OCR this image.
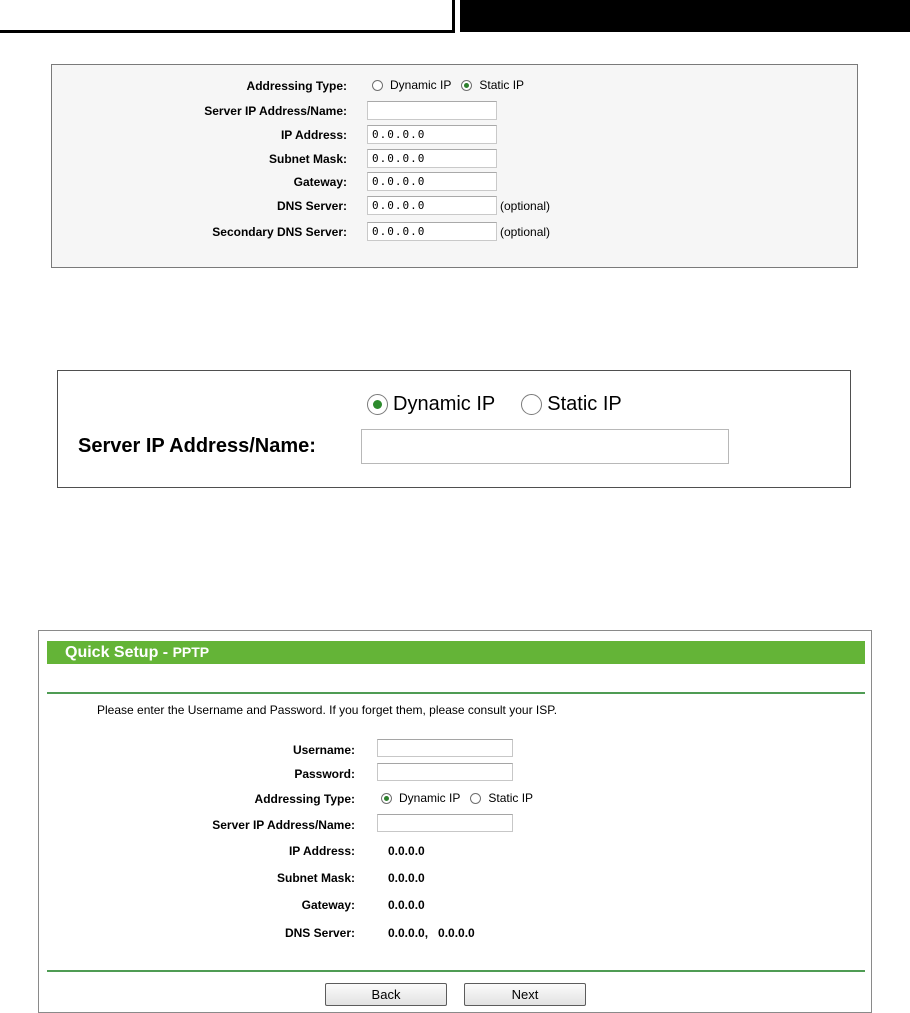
Addressing Type:	Dynamic IP Static IP
Server IP Address/Name:
IP Address:	0.0.0.0
Subnet Mask:	0.0.0.0
Gateway:	0.0.0.0
DNS Server:	0.0.0.0	(optional)
Secondary DNS Server:	0.0.0.0	(optional)
Dynamic IP	Static IP
Server IP Address/Name:
Quick Setup - PPTP
Please enter the Username and Password. If you forget them, please consult your ISP.
Username:
Password:
Addressing Type:	Dynamic IP Static IP
Server IP Address/Name:
IP Address:	0.0.0.0
Subnet Mask:	0.0.0.0
Gateway:	0.0.0.0
DNS Server:	0.0.0.0,   0.0.0.0
Back	Next
